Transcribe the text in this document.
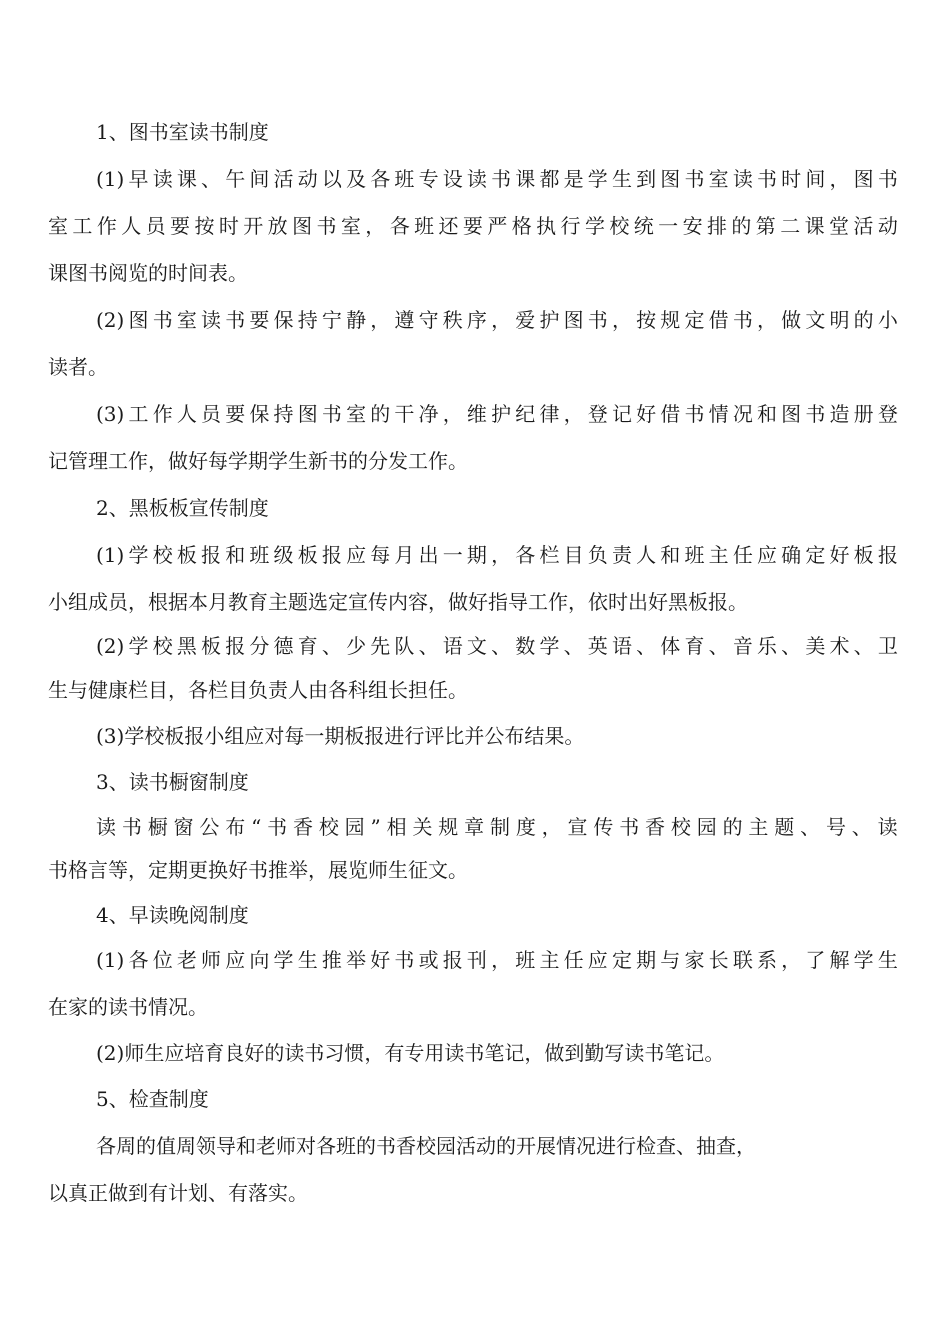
1、图书室读书制度
(1) 早 读 课 、 午 间 活 动 以 及 各 班 专 设 读 书 课 都 是 学 生 到 图 书 室 读 书 时 间 ， 图 书
室 工 作 人 员 要 按 时 开 放 图 书 室 ， 各 班 还 要 严 格 执 行 学 校 统 一 安 排 的 第 二 课 堂 活 动
课图书阅览的时间表。
(2) 图 书 室 读 书 要 保 持 宁 静 ， 遵 守 秩 序 ， 爱 护 图 书 ， 按 规 定 借 书 ， 做 文 明 的 小
读者。
(3) 工 作 人 员 要 保 持 图 书 室 的 干 净 ， 维 护 纪 律 ， 登 记 好 借 书 情 况 和 图 书 造 册 登
记管理工作，做好每学期学生新书的分发工作。
2、黑板板宣传制度
(1) 学 校 板 报 和 班 级 板 报 应 每 月 出 一 期 ， 各 栏 目 负 责 人 和 班 主 任 应 确 定 好 板 报
小组成员，根据本月教育主题选定宣传内容，做好指导工作，依时出好黑板报。
(2) 学 校 黑 板 报 分 德 育 、 少 先 队 、 语 文 、 数 学 、 英 语 、 体 育 、 音 乐 、 美 术 、 卫
生与健康栏目，各栏目负责人由各科组长担任。
(3)学校板报小组应对每一期板报进行评比并公布结果。
3、读书橱窗制度
读 书 橱 窗 公 布 “ 书 香 校 园 ” 相 关 规 章 制 度 ， 宣 传 书 香 校 园 的 主 题 、 号 、 读
书格言等，定期更换好书推举，展览师生征文。
4、早读晚阅制度
(1) 各 位 老 师 应 向 学 生 推 举 好 书 或 报 刊 ， 班 主 任 应 定 期 与 家 长 联 系 ， 了 解 学 生
在家的读书情况。
(2)师生应培育良好的读书习惯，有专用读书笔记，做到勤写读书笔记。
5、检查制度
各周的值周领导和老师对各班的书香校园活动的开展情况进行检查、抽查，
以真正做到有计划、有落实。
